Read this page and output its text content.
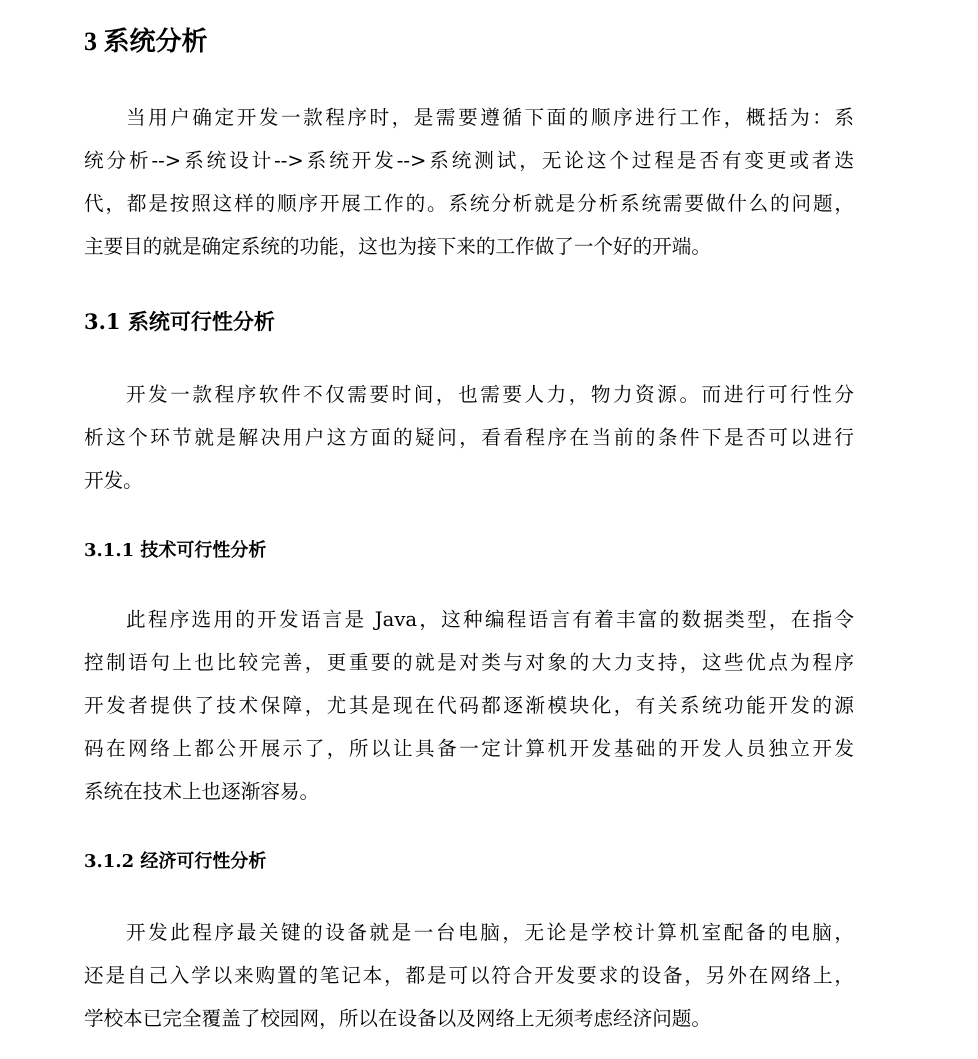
3 系统分析
当用户确定开发一款程序时，是需要遵循下面的顺序进行工作，概括为：系
统分析-->系统设计-->系统开发-->系统测试，无论这个过程是否有变更或者迭
代，都是按照这样的顺序开展工作的。系统分析就是分析系统需要做什么的问题，
主要目的就是确定系统的功能，这也为接下来的工作做了一个好的开端。
3.1 系统可行性分析
开发一款程序软件不仅需要时间，也需要人力，物力资源。而进行可行性分
析这个环节就是解决用户这方面的疑问，看看程序在当前的条件下是否可以进行
开发。
3.1.1 技术可行性分析
此程序选用的开发语言是 Java，这种编程语言有着丰富的数据类型，在指令
控制语句上也比较完善，更重要的就是对类与对象的大力支持，这些优点为程序
开发者提供了技术保障，尤其是现在代码都逐渐模块化，有关系统功能开发的源
码在网络上都公开展示了，所以让具备一定计算机开发基础的开发人员独立开发
系统在技术上也逐渐容易。
3.1.2 经济可行性分析
开发此程序最关键的设备就是一台电脑，无论是学校计算机室配备的电脑，
还是自己入学以来购置的笔记本，都是可以符合开发要求的设备，另外在网络上，
学校本已完全覆盖了校园网，所以在设备以及网络上无须考虑经济问题。
